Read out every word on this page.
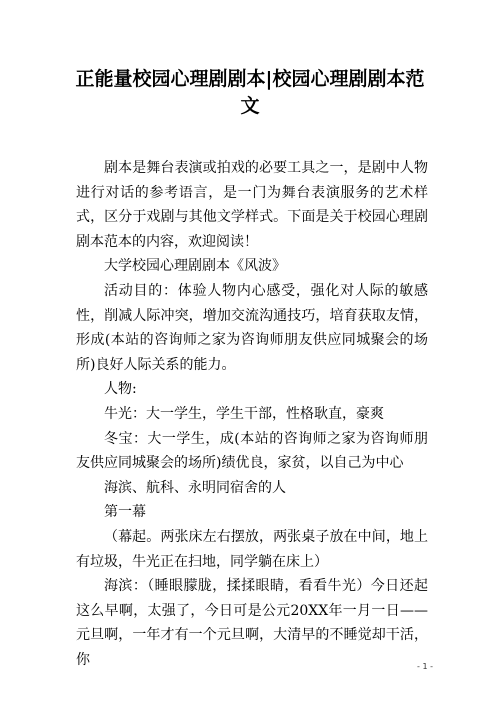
正能量校园心理剧剧本|校园心理剧剧本范文

剧本是舞台表演或拍戏的必要工具之一，是剧中人物进行对话的参考语言，是一门为舞台表演服务的艺术样式，区分于戏剧与其他文学样式。下面是关于校园心理剧剧本范本的内容，欢迎阅读！

大学校园心理剧剧本《风波》

活动目的：体验人物内心感受，强化对人际的敏感性，削减人际冲突，增加交流沟通技巧，培育获取友情，形成(本站的咨询师之家为咨询师朋友供应同城聚会的场所)良好人际关系的能力。

人物:

牛光：大一学生，学生干部，性格耿直，豪爽

冬宝：大一学生，成(本站的咨询师之家为咨询师朋友供应同城聚会的场所)绩优良，家贫，以自己为中心

海滨、航科、永明同宿舍的人

第一幕

（幕起。两张床左右摆放，两张桌子放在中间，地上有垃圾，牛光正在扫地，同学躺在床上）

海滨：（睡眼朦胧，揉揉眼睛，看看牛光）今日还起这么早啊，太强了，今日可是公元20XX年一月一日——元旦啊，一年才有一个元旦啊，大清早的不睡觉却干活，你	- 1 -
